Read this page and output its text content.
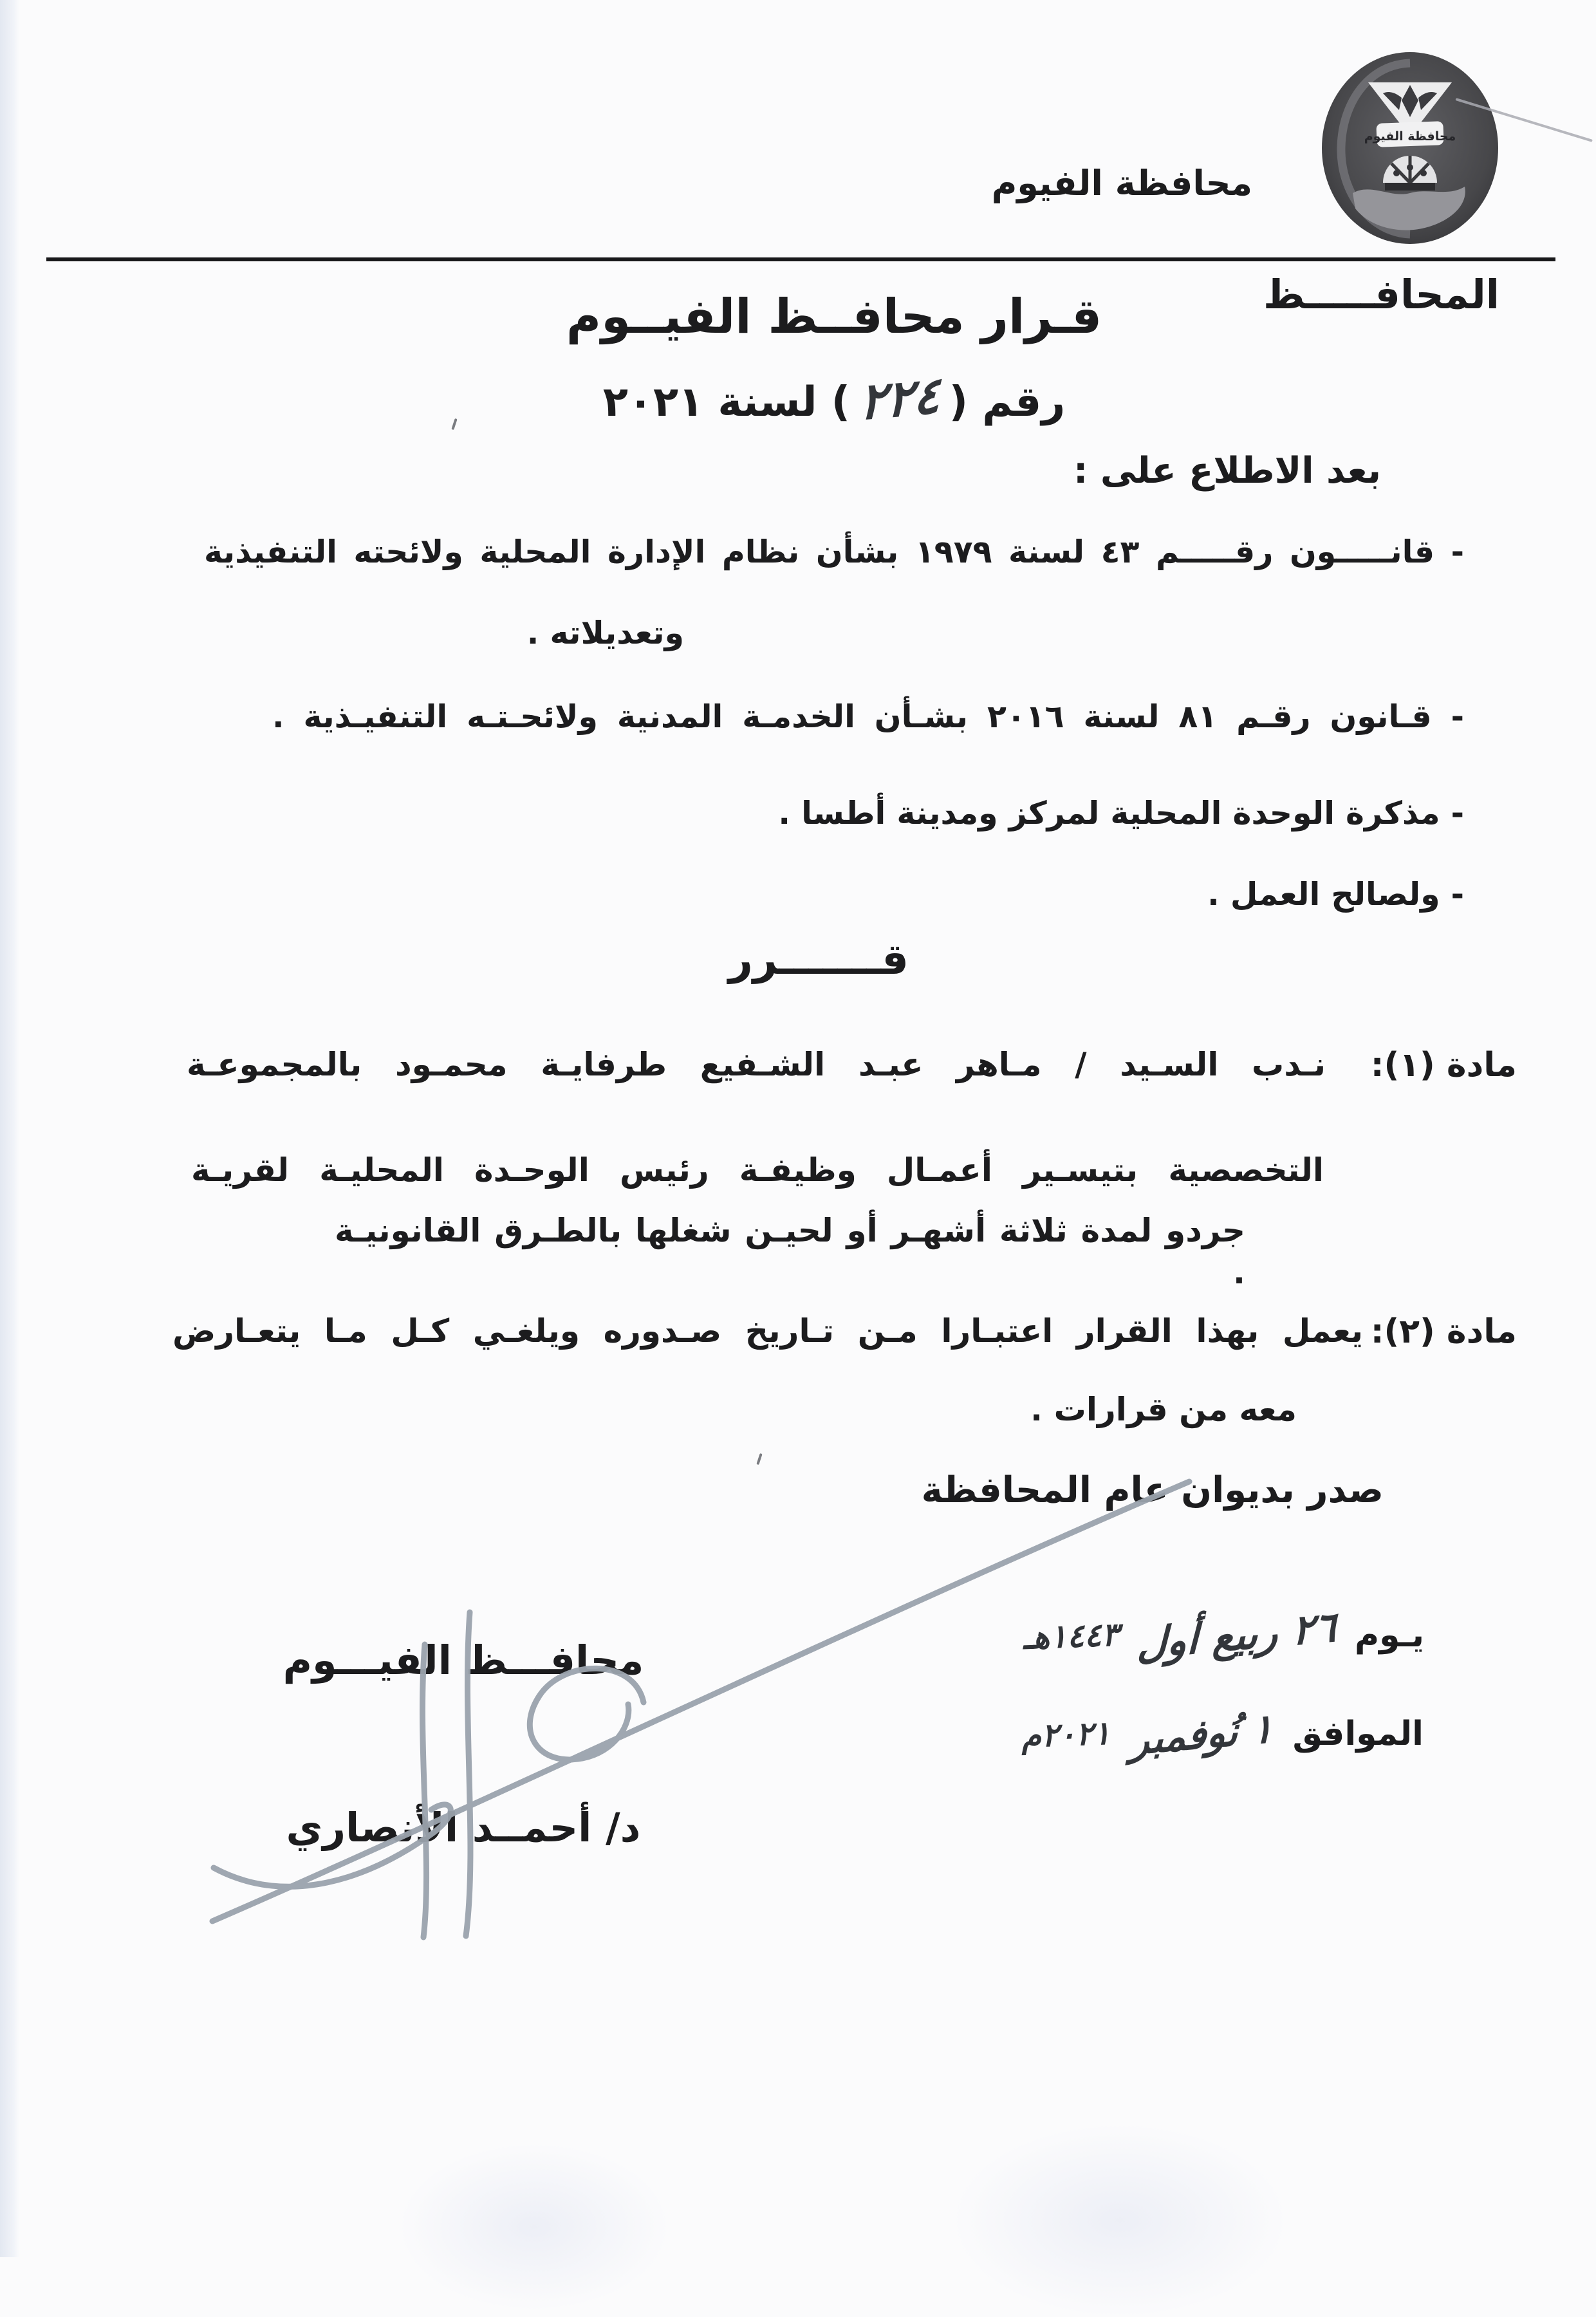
محافظة الفيوم
محافظة الفيوم
المحافـــــظ
قـرار محافــظ الفيــوم
رقم (٢٢٤) لسنة ٢٠٢١
بعد الاطلاع على :
- قانـــــون رقـــــم ٤٣ لسنة ١٩٧٩ بشأن نظام الإدارة المحلية ولائحته التنفيذية
وتعديلاته .
- قـانون رقـم ٨١ لسنة ٢٠١٦ بشـأن الخدمـة المدنية ولائحـتـه التنفيـذية .
- مذكرة الوحدة المحلية لمركز ومدينة أطسا .
- ولصالح العمل .
قـــــــرر
مادة (١):
نـدب السـيد / مـاهر عبـد الشـفيع طرفايـة محمـود بالمجموعـة
التخصصية بتيسـير أعمـال وظيفـة رئيس الوحـدة المحليـة لقريـة
جردو لمدة ثلاثة أشهـر أو لحيـن شغلها بالطـرق القانونيـة .
مادة (٢):
يعمل بهذا القرار اعتبـارا مـن تـاريخ صـدوره ويلغـي كـل مـا يتعـارض
معه من قرارات .
صدر بديوان عام المحافظة
يـوم
٢٦ ربيع أول
١٤٤٣هـ
الموافق
١ نُوفمبر
٢٠٢١م
محافـــظ الفيـــوم
د/ أحمــد الأنصاري
